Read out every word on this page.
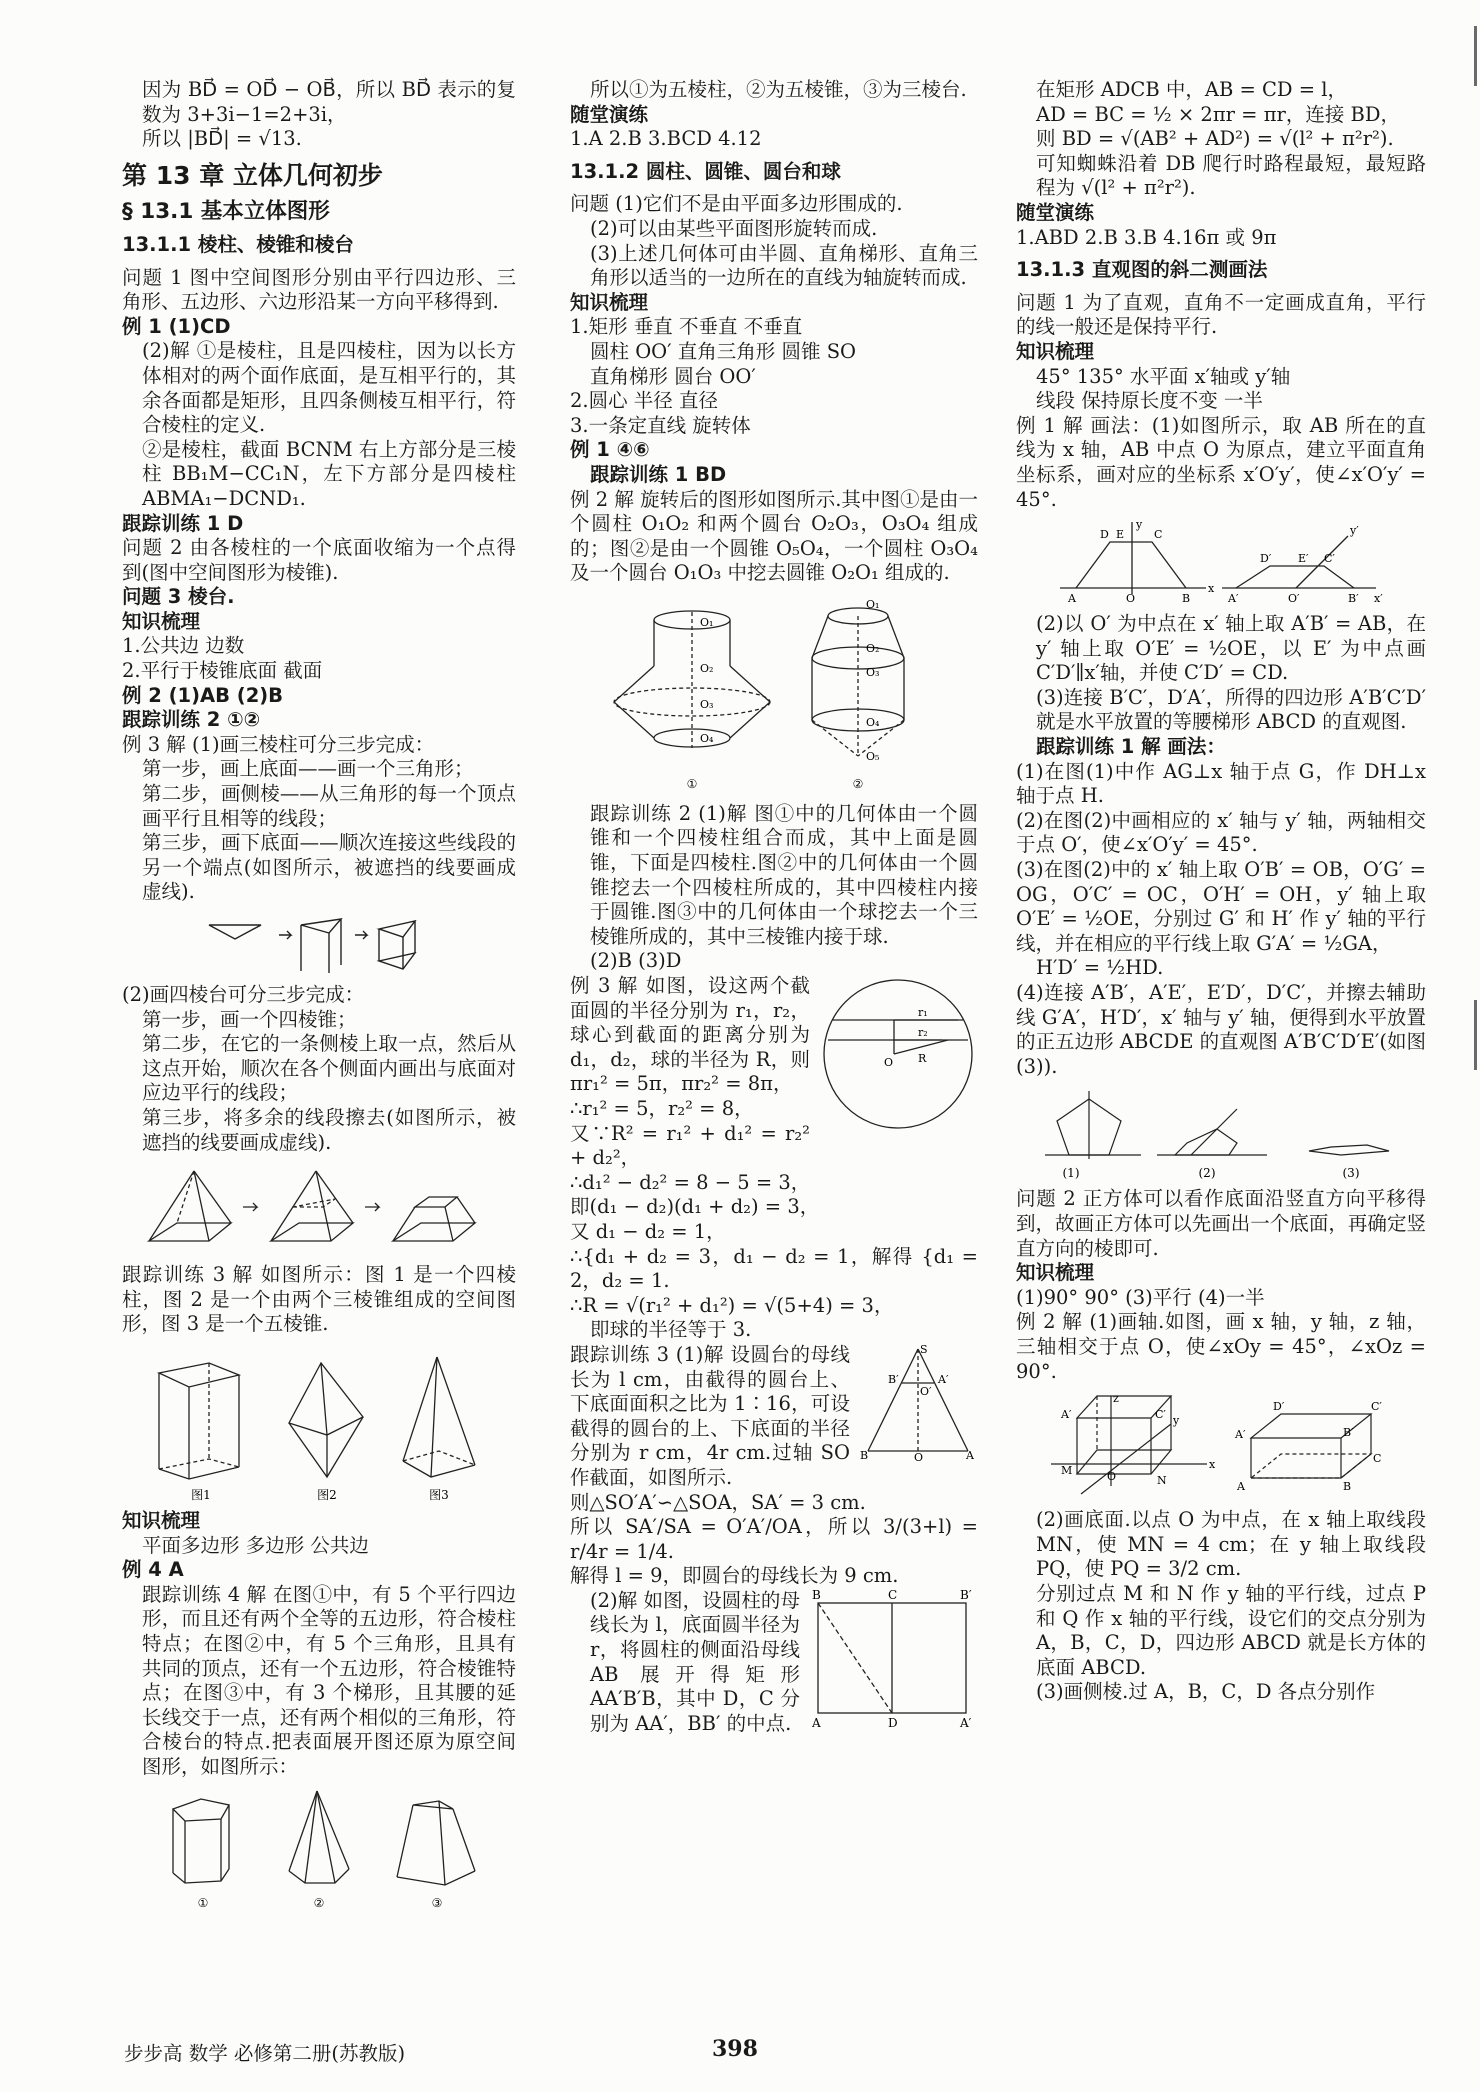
因为 BD⃗ = OD⃗ − OB⃗，所以 BD⃗ 表示的复数为 3+3i−1=2+3i，

所以 |BD⃗| = √13.

第 13 章 立体几何初步

§ 13.1 基本立体图形

13.1.1 棱柱、棱锥和棱台

问题 1 图中空间图形分别由平行四边形、三角形、五边形、六边形沿某一方向平移得到.

例 1 (1)CD

(2)解 ①是棱柱，且是四棱柱，因为以长方体相对的两个面作底面，是互相平行的，其余各面都是矩形，且四条侧棱互相平行，符合棱柱的定义.

②是棱柱，截面 BCNM 右上方部分是三棱柱 BB₁M−CC₁N，左下方部分是四棱柱 ABMA₁−DCND₁.

跟踪训练 1 D

问题 2 由各棱柱的一个底面收缩为一个点得到(图中空间图形为棱锥).

问题 3 棱台.

知识梳理

1.公共边 边数

2.平行于棱锥底面 截面

例 2 (1)AB (2)B

跟踪训练 2 ①②

例 3 解 (1)画三棱柱可分三步完成：

第一步，画上底面——画一个三角形；

第二步，画侧棱——从三角形的每一个顶点画平行且相等的线段；

第三步，画下底面——顺次连接这些线段的另一个端点(如图所示，被遮挡的线要画成虚线).

(2)画四棱台可分三步完成：

第一步，画一个四棱锥；

第二步，在它的一条侧棱上取一点，然后从这点开始，顺次在各个侧面内画出与底面对应边平行的线段；

第三步，将多余的线段擦去(如图所示，被遮挡的线要画成虚线).

跟踪训练 3 解 如图所示：图 1 是一个四棱柱，图 2 是一个由两个三棱锥组成的空间图形，图 3 是一个五棱锥.

图1	图2	图3

知识梳理

平面多边形 多边形 公共边

例 4 A

跟踪训练 4 解 在图①中，有 5 个平行四边形，而且还有两个全等的五边形，符合棱柱特点；在图②中，有 5 个三角形，且具有共同的顶点，还有一个五边形，符合棱锥特点；在图③中，有 3 个梯形，且其腰的延长线交于一点，还有两个相似的三角形，符合棱台的特点.把表面展开图还原为原空间图形，如图所示：

①	②	③

所以①为五棱柱，②为五棱锥，③为三棱台.

随堂演练

1.A 2.B 3.BCD 4.12

13.1.2 圆柱、圆锥、圆台和球

问题 (1)它们不是由平面多边形围成的.

(2)可以由某些平面图形旋转而成.

(3)上述几何体可由半圆、直角梯形、直角三角形以适当的一边所在的直线为轴旋转而成.

知识梳理

1.矩形 垂直 不垂直 不垂直

圆柱 OO′ 直角三角形 圆锥 SO

直角梯形 圆台 OO′

2.圆心 半径 直径

3.一条定直线 旋转体

例 1 ④⑥

跟踪训练 1 BD

例 2 解 旋转后的图形如图所示.其中图①是由一个圆柱 O₁O₂ 和两个圆台 O₂O₃，O₃O₄ 组成的；图②是由一个圆锥 O₅O₄，一个圆柱 O₃O₄ 及一个圆台 O₁O₃ 中挖去圆锥 O₂O₁ 组成的.

O₁
O₂
O₃
O₄
O₁
O₂
O₃
O₄
O₅
①	②

跟踪训练 2 (1)解 图①中的几何体由一个圆锥和一个四棱柱组合而成，其中上面是圆锥，下面是四棱柱.图②中的几何体由一个圆锥挖去一个四棱柱所成的，其中四棱柱内接于圆锥.图③中的几何体由一个球挖去一个三棱锥所成的，其中三棱锥内接于球.

(2)B (3)D

r₁
r₂
R
O

例 3 解 如图，设这两个截面圆的半径分别为 r₁，r₂，球心到截面的距离分别为 d₁，d₂，球的半径为 R，则 πr₁² = 5π，πr₂² = 8π，

∴r₁² = 5，r₂² = 8，

又∵R² = r₁² + d₁² = r₂² + d₂²，

∴d₁² − d₂² = 8 − 5 = 3，

即(d₁ − d₂)(d₁ + d₂) = 3，

又 d₁ − d₂ = 1，

∴{d₁ + d₂ = 3，d₁ − d₂ = 1，解得 {d₁ = 2，d₂ = 1.

∴R = √(r₁² + d₁²) = √(5+4) = 3，

即球的半径等于 3.

S
B′	A′
O′
B	O	A

跟踪训练 3 (1)解 设圆台的母线长为 l cm，由截得的圆台上、下底面面积之比为 1∶16，可设截得的圆台的上、下底面的半径分别为 r cm，4r cm.过轴 SO 作截面，如图所示.

则△SO′A′∽△SOA，SA′ = 3 cm.

所以 SA′/SA = O′A′/OA，所以 3/(3+l) = r/4r = 1/4.

解得 l = 9，即圆台的母线长为 9 cm.

B	C	B′
A	D	A′

(2)解 如图，设圆柱的母线长为 l，底面圆半径为 r，将圆柱的侧面沿母线 AB 展开得矩形 AA′B′B，其中 D，C 分别为 AA′，BB′ 的中点.

在矩形 ADCB 中，AB = CD = l，

AD = BC = ½ × 2πr = πr，连接 BD，

则 BD = √(AB² + AD²) = √(l² + π²r²).

可知蜘蛛沿着 DB 爬行时路程最短，最短路程为 √(l² + π²r²).

随堂演练

1.ABD 2.B 3.B 4.16π 或 9π

13.1.3 直观图的斜二测画法

问题 1 为了直观，直角不一定画成直角，平行的线一般还是保持平行.

知识梳理

45° 135° 水平面 x′轴或 y′轴

线段 保持原长度不变 一半

例 1 解 画法：(1)如图所示，取 AB 所在的直线为 x 轴，AB 中点 O 为原点，建立平面直角坐标系，画对应的坐标系 x′O′y′，使∠x′O′y′ = 45°.

A	O	B
x
D E	C
y
A′	O′	B′ x′
D′ E′ C′
y′

(2)以 O′ 为中点在 x′ 轴上取 A′B′ = AB，在 y′ 轴上取 O′E′ = ½OE，以 E′ 为中点画 C′D′∥x′轴，并使 C′D′ = CD.

(3)连接 B′C′，D′A′，所得的四边形 A′B′C′D′ 就是水平放置的等腰梯形 ABCD 的直观图.

跟踪训练 1 解 画法：

(1)在图(1)中作 AG⊥x 轴于点 G，作 DH⊥x 轴于点 H.

(2)在图(2)中画相应的 x′ 轴与 y′ 轴，两轴相交于点 O′，使∠x′O′y′ = 45°.

(3)在图(2)中的 x′ 轴上取 O′B′ = OB，O′G′ = OG，O′C′ = OC，O′H′ = OH，y′ 轴上取 O′E′ = ½OE，分别过 G′ 和 H′ 作 y′ 轴的平行线，并在相应的平行线上取 G′A′ = ½GA，

H′D′ = ½HD.

(4)连接 A′B′，A′E′，E′D′，D′C′，并擦去辅助线 G′A′，H′D′，x′ 轴与 y′ 轴，便得到水平放置的正五边形 ABCDE 的直观图 A′B′C′D′E′(如图(3)).

(1)	(2)	(3)

问题 2 正方体可以看作底面沿竖直方向平移得到，故画正方体可以先画出一个底面，再确定竖直方向的棱即可.

知识梳理

(1)90° 90° (3)平行 (4)一半

例 2 解 (1)画轴.如图，画 x 轴，y 轴，z 轴，三轴相交于点 O，使∠xOy = 45°，∠xOz = 90°.

z
x
y
A′	C′
M	O	N
A′	B′
D′	C′
A	B
C

(2)画底面.以点 O 为中点，在 x 轴上取线段 MN，使 MN = 4 cm；在 y 轴上取线段 PQ，使 PQ = 3/2 cm.

分别过点 M 和 N 作 y 轴的平行线，过点 P 和 Q 作 x 轴的平行线，设它们的交点分别为 A，B，C，D，四边形 ABCD 就是长方体的底面 ABCD.

(3)画侧棱.过 A，B，C，D 各点分别作

步步高 数学 必修第二册(苏教版)	398
